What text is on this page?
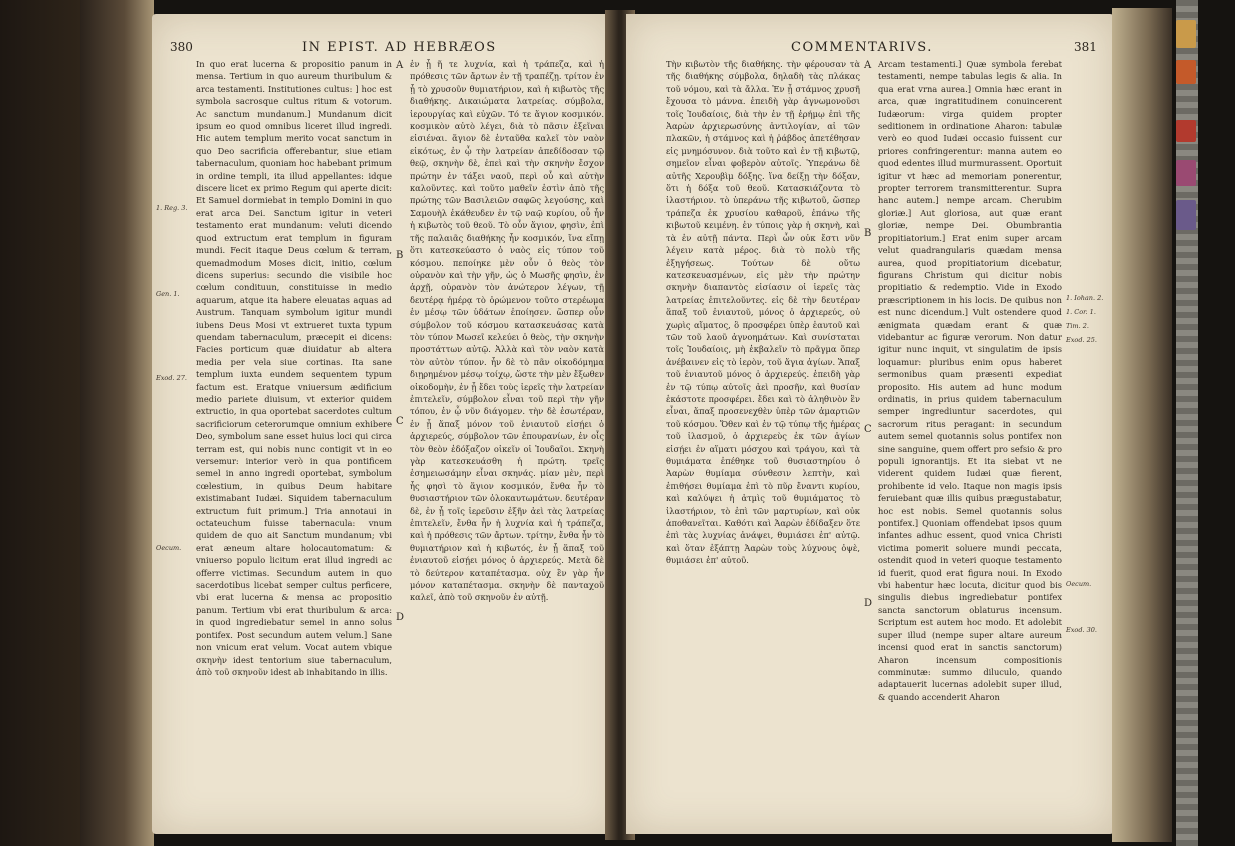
380	IN EPIST. AD HEBRÆOS
1. Reg. 3.
Gen. 1.
Exod. 27.
Oecum.
In quo erat lucerna & propositio panum in mensa. Tertium in quo aureum thuribulum & arca testamenti. Institutiones cultus: ] hoc est symbola sacrosque cultus ritum & votorum. Ac sanctum mundanum.] Mundanum dicit ipsum eo quod omnibus liceret illud ingredi. Hic autem templum merito vocat sanctum in quo Deo sacrificia offerebantur, siue etiam tabernaculum, quoniam hoc habebant primum in ordine templi, ita illud appellantes: idque discere licet ex primo Regum qui aperte dicit: Et Samuel dormiebat in templo Domini in quo erat arca Dei. Sanctum igitur in veteri testamento erat mundanum: veluti dicendo quod extructum erat templum in figuram mundi. Fecit itaque Deus cœlum & terram, quemadmodum Moses dicit, initio, cœlum dicens superius: secundo die visibile hoc cœlum condituun, constituisse in medio aquarum, atque ita habere eleuatas aquas ad Austrum. Tanquam symbolum igitur mundi iubens Deus Mosi vt extrueret tuxta typum quendam tabernaculum, præcepit ei dicens: Facies porticum quæ diuidatur ab altera media per vela siue cortinas. Ita sane templum iuxta eundem sequentem typum factum est. Eratque vniuersum ædificium medio pariete diuisum, vt exterior quidem extructio, in qua oportebat sacerdotes cultum sacrificiorum ceterorumque omnium exhibere Deo, symbolum sane esset huius loci qui circa terram est, qui nobis nunc contigit vt in eo versemur: interior verò in qua pontificem semel in anno ingredi oportebat, symbolum cœlestium, in quibus Deum habitare existimabant Iudæi. Siquidem tabernaculum extructum fuit primum.] Tria annotaui in octateuchum fuisse tabernacula: vnum quidem de quo ait Sanctum mundanum; vbi erat æneum altare holocautomatum: & vniuerso populo licitum erat illud ingredi ac offerre victimas. Secundum autem in quo sacerdotibus licebat semper cultus perficere, vbi erat lucerna & mensa ac propositio panum. Tertium vbi erat thuribulum & arca: in quod ingrediebatur semel in anno solus pontifex. Post secundum autem velum.] Sane non vnicum erat velum. Vocat autem vbique σκηνὴν idest tentorium siue tabernaculum, ἀπὸ τοῦ σκηνοῦν idest ab inhabitando in illis.
A
B
C
D
ἐν ᾗ ἥ τε λυχνία, καὶ ἡ τράπεζα, καὶ ἡ πρόθεσις τῶν ἄρτων ἐν τῇ τραπέζῃ. τρίτον ἐν ᾗ τὸ χρυσοῦν θυμιατήριον, καὶ ἡ κιβωτὸς τῆς διαθήκης. Δικαιώματα λατρείας. σύμβολα, ἱερουργίας καὶ εὐχῶν. Τό τε ἅγιον κοσμικόν. κοσμικὸν αὐτὸ λέγει, διὰ τὸ πᾶσιν ἐξεῖναι εἰσιέναι. ἅγιον δὲ ἐνταῦθα καλεῖ τὸν ναὸν εἰκότως, ἐν ᾧ τὴν λατρείαν ἀπεδίδοσαν τῷ θεῷ, σκηνὴν δὲ, ἐπεὶ καὶ τὴν σκηνὴν ἔσχον πρώτην ἐν τάξει ναοῦ, περὶ οὗ καὶ αὐτὴν καλοῦντες. καὶ τοῦτο μαθεῖν ἐστὶν ἀπὸ τῆς πρώτης τῶν Βασιλειῶν σαφῶς λεγούσης, καὶ Σαμουὴλ ἐκάθευδεν ἐν τῷ ναῷ κυρίου, οὗ ἦν ἡ κιβωτὸς τοῦ θεοῦ. Τὸ οὖν ἅγιον, φησὶν, ἐπὶ τῆς παλαιᾶς διαθήκης ἦν κοσμικόν, ἵνα εἴπῃ ὅτι κατεσκεύαστο ὁ ναὸς εἰς τύπον τοῦ κόσμου. πεποίηκε μὲν οὖν ὁ θεὸς τὸν οὐρανὸν καὶ τὴν γῆν, ὡς ὁ Μωσῆς φησὶν, ἐν ἀρχῇ, οὐρανὸν τὸν ἀνώτερον λέγων, τῇ δευτέρᾳ ἡμέρᾳ τὸ ὁρώμενον τοῦτο στερέωμα ἐν μέσῳ τῶν ὑδάτων ἐποίησεν. ὥσπερ οὖν σύμβολον τοῦ κόσμου κατασκευάσας κατὰ τὸν τύπον Μωσεῖ κελεύει ὁ θεὸς, τὴν σκηνὴν προστάττων αὐτῷ. Ἀλλὰ καὶ τὸν ναὸν κατὰ τὸν αὐτὸν τύπον. ἦν δὲ τὸ πᾶν οἰκοδόμημα διῃρημένον μέσῳ τοίχῳ, ὥστε τὴν μὲν ἔξωθεν οἰκοδομὴν, ἐν ᾗ ἔδει τοὺς ἱερεῖς τὴν λατρείαν ἐπιτελεῖν, σύμβολον εἶναι τοῦ περὶ τὴν γῆν τόπου, ἐν ᾧ νῦν διάγομεν. τὴν δὲ ἐσωτέραν, ἐν ᾗ ἅπαξ μόνον τοῦ ἐνιαυτοῦ εἰσῄει ὁ ἀρχιερεύς, σύμβολον τῶν ἐπουρανίων, ἐν οἷς τὸν θεὸν ἐδόξαζον οἰκεῖν οἱ Ἰουδαῖοι. Σκηνὴ γὰρ κατεσκευάσθη ἡ πρώτη. τρεῖς ἐσημειωσάμην εἶναι σκηνάς. μίαν μὲν, περὶ ἧς φησὶ τὸ ἅγιον κοσμικόν, ἔνθα ἦν τὸ θυσιαστήριον τῶν ὁλοκαυτωμάτων. δευτέραν δὲ, ἐν ᾗ τοῖς ἱερεῦσιν ἐξῆν ἀεὶ τὰς λατρείας ἐπιτελεῖν, ἔνθα ἦν ἡ λυχνία καὶ ἡ τράπεζα, καὶ ἡ πρόθεσις τῶν ἄρτων. τρίτην, ἔνθα ἦν τὸ θυμιατήριον καὶ ἡ κιβωτός, ἐν ᾗ ἅπαξ τοῦ ἐνιαυτοῦ εἰσῄει μόνος ὁ ἀρχιερεύς. Μετὰ δὲ τὸ δεύτερον καταπέτασμα. οὐχ ἓν γὰρ ἦν μόνον καταπέτασμα. σκηνὴν δὲ πανταχοῦ καλεῖ, ἀπὸ τοῦ σκηνοῦν ἐν αὐτῇ.
COMMENTARIVS.	381
Τὴν κιβωτὸν τῆς διαθήκης. τὴν φέρουσαν τὰ τῆς διαθήκης σύμβολα, δηλαδὴ τὰς πλάκας τοῦ νόμου, καὶ τὰ ἄλλα. Ἐν ᾗ στάμνος χρυσῆ ἔχουσα τὸ μάννα. ἐπειδὴ γὰρ ἀγνωμονοῦσι τοῖς Ἰουδαίοις, διὰ τὴν ἐν τῇ ἐρήμῳ ἐπὶ τῆς Ἀαρὼν ἀρχιερωσύνης ἀντιλογίαν, αἱ τῶν πλακῶν, ἡ στάμνος καὶ ἡ ῥάβδος ἀπετέθησαν εἰς μνημόσυνον. διὰ τοῦτο καὶ ἐν τῇ κιβωτῷ, σημεῖον εἶναι φοβερὸν αὐτοῖς. Ὑπεράνω δὲ αὐτῆς Χερουβὶμ δόξης. ἵνα δείξῃ τὴν δόξαν, ὅτι ἡ δόξα τοῦ θεοῦ. Κατασκιάζοντα τὸ ἱλαστήριον. τὸ ὑπεράνω τῆς κιβωτοῦ, ὥσπερ τράπεζα ἐκ χρυσίου καθαροῦ, ἐπάνω τῆς κιβωτοῦ κειμένη. ἐν τύποις γὰρ ἡ σκηνὴ, καὶ τὰ ἐν αὐτῇ πάντα. Περὶ ὧν οὐκ ἔστι νῦν λέγειν κατὰ μέρος. διὰ τὸ πολὺ τῆς ἐξηγήσεως. Τούτων δὲ οὕτω κατεσκευασμένων, εἰς μὲν τὴν πρώτην σκηνὴν διαπαντὸς εἰσίασιν οἱ ἱερεῖς τὰς λατρείας ἐπιτελοῦντες. εἰς δὲ τὴν δευτέραν ἅπαξ τοῦ ἐνιαυτοῦ, μόνος ὁ ἀρχιερεύς, οὐ χωρὶς αἵματος, ὃ προσφέρει ὑπὲρ ἑαυτοῦ καὶ τῶν τοῦ λαοῦ ἀγνοημάτων. Καὶ συνίσταται τοῖς Ἰουδαίοις, μὴ ἐκβαλεῖν τὸ πρᾶγμα ὅπερ ἀνέβαινεν εἰς τὸ ἱερὸν, τοῦ ἅγια ἁγίων. Ἅπαξ τοῦ ἐνιαυτοῦ μόνος ὁ ἀρχιερεύς. ἐπειδὴ γὰρ ἐν τῷ τύπῳ αὐτοῖς ἀεὶ προσῆν, καὶ θυσίαν ἑκάστοτε προσφέρει. ἔδει καὶ τὸ ἀληθινὸν ἓν εἶναι, ἅπαξ προσενεχθὲν ὑπὲρ τῶν ἁμαρτιῶν τοῦ κόσμου. Ὅθεν καὶ ἐν τῷ τύπῳ τῆς ἡμέρας τοῦ ἱλασμοῦ, ὁ ἀρχιερεὺς ἐκ τῶν ἁγίων εἰσῄει ἐν αἵματι μόσχου καὶ τράγου, καὶ τὰ θυμιάματα ἐπέθηκε τοῦ θυσιαστηρίου ὁ Ἀαρὼν θυμίαμα σύνθεσιν λεπτὴν, καὶ ἐπιθήσει θυμίαμα ἐπὶ τὸ πῦρ ἔναντι κυρίου, καὶ καλύψει ἡ ἀτμὶς τοῦ θυμιάματος τὸ ἱλαστήριον, τὸ ἐπὶ τῶν μαρτυρίων, καὶ οὐκ ἀποθανεῖται. Καθότι καὶ Ἀαρὼν ἐδίδαξεν ὅτε ἐπὶ τὰς λυχνίας ἀνάψει, θυμιάσει ἐπ' αὐτῷ. καὶ ὅταν ἐξάπτῃ Ἀαρὼν τοὺς λύχνους ὀψὲ, θυμιάσει ἐπ' αὐτοῦ.
A
B
C
D
Arcam testamenti.] Quæ symbola ferebat testamenti, nempe tabulas legis & alia. In qua erat vrna aurea.] Omnia hæc erant in arca, quæ ingratitudinem conuincerent Iudæorum: virga quidem propter seditionem in ordinatione Aharon: tabulæ verò eo quod Iudæi occasio fuissent cur priores confringerentur: manna autem eo quod edentes illud murmurassent. Oportuit igitur vt hæc ad memoriam ponerentur, propter terrorem transmitterentur. Supra hanc autem.] nempe arcam. Cherubim gloriæ.] Aut gloriosa, aut quæ erant gloriæ, nempe Dei. Obumbrantia propitiatorium.] Erat enim super arcam velut quadrangularis quædam mensa aurea, quod propitiatorium dicebatur, figurans Christum qui dicitur nobis propitiatio & redemptio. Vide in Exodo præscriptionem in his locis. De quibus non est nunc dicendum.] Vult ostendere quod ænigmata quædam erant & quæ videbantur ac figuræ verorum. Non datur igitur nunc inquit, vt singulatim de ipsis loquamur: pluribus enim opus haberet sermonibus quam præsenti expediat proposito. His autem ad hunc modum ordinatis, in prius quidem tabernaculum semper ingrediuntur sacerdotes, qui sacrorum ritus peragant: in secundum autem semel quotannis solus pontifex non sine sanguine, quem offert pro sefsio & pro populi ignorantijs. Et ita siebat vt ne viderent quidem Iudæi quæ fierent, prohibente id velo. Itaque non magis ipsis feruiebant quæ illis quibus prægustabatur, hoc est nobis. Semel quotannis solus pontifex.] Quoniam offendebat ipsos quum infantes adhuc essent, quod vnica Christi victima pomerit soluere mundi peccata, ostendit quod in veteri quoque testamento id fuerit, quod erat figura noui. In Exodo vbi habentur hæc locuta, dicitur quod bis singulis diebus ingrediebatur pontifex sancta sanctorum oblaturus incensum. Scriptum est autem hoc modo. Et adolebit super illud (nempe super altare aureum incensi quod erat in sanctis sanctorum) Aharon incensum compositionis comminutæ: summo diluculo, quando adaptauerit lucernas adolebit super illud, & quando accenderit Aharon
1. Iohan. 2.
1. Cor. 1.
Tim. 2.
Exod. 25.
Oecum.
Exod. 30.
